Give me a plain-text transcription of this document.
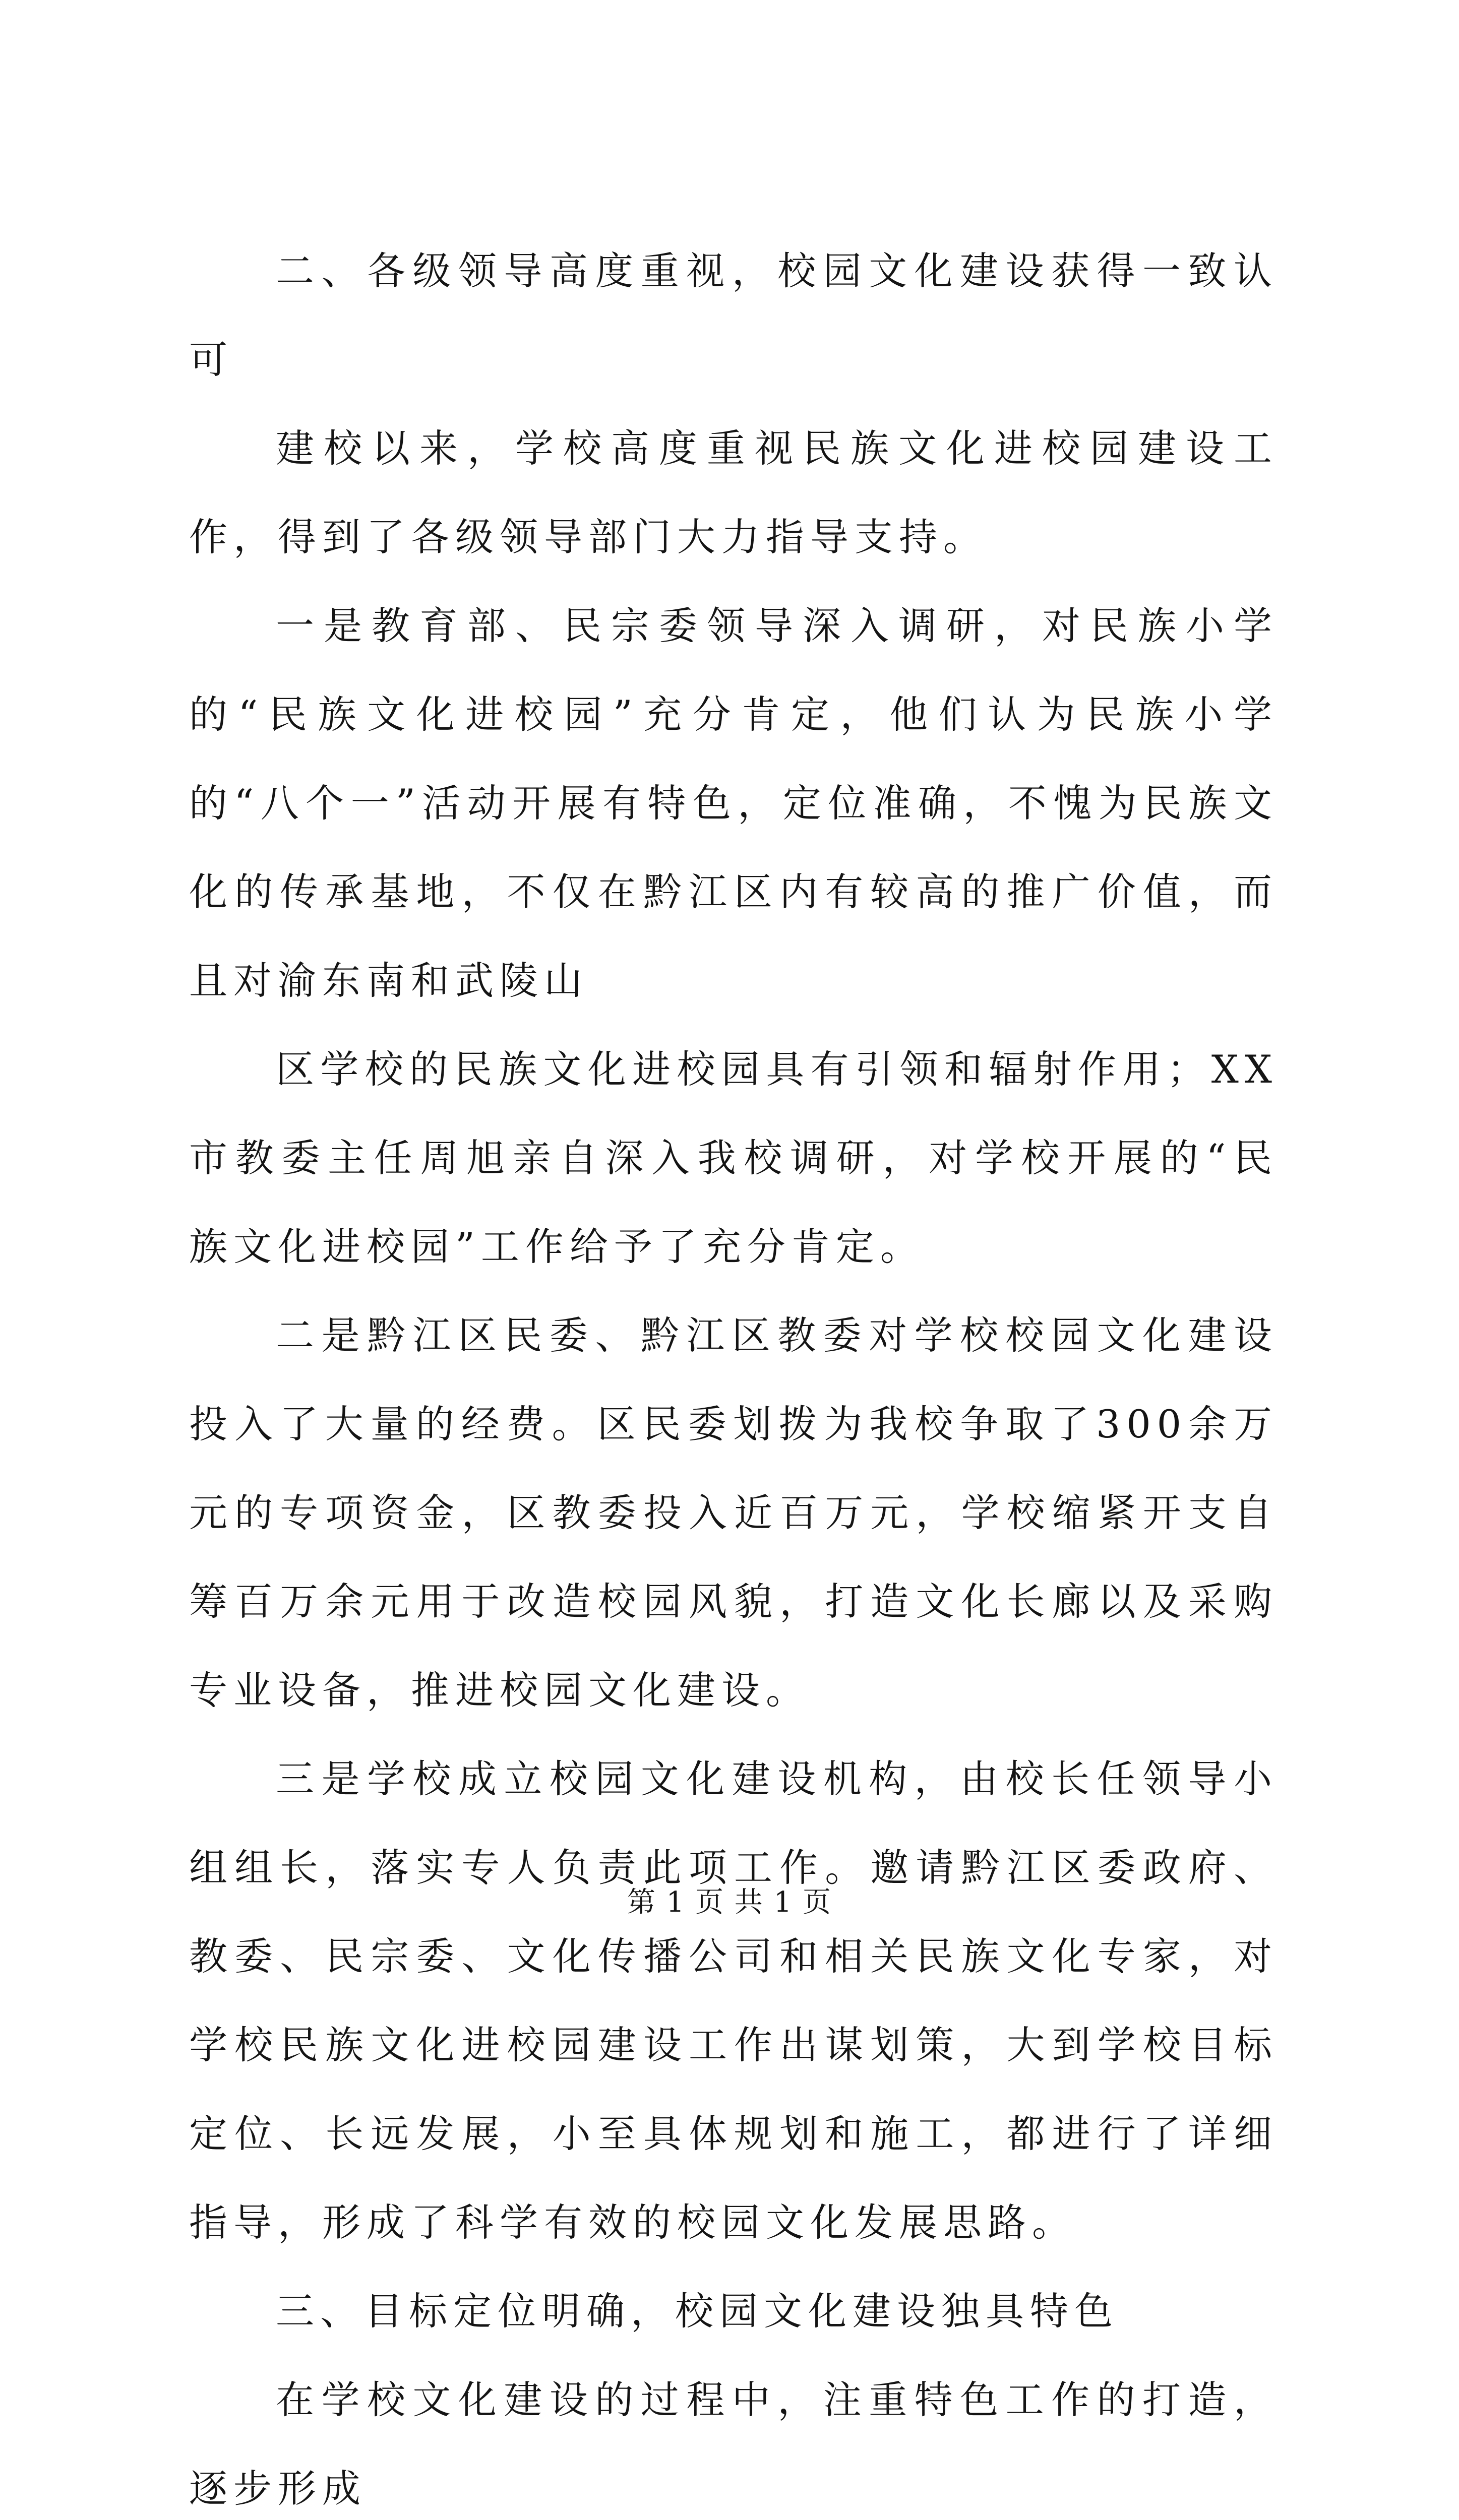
二、各级领导高度重视，校园文化建设获得一致认可

建校以来，学校高度重视民族文化进校园建设工作，得到了各级领导部门大力指导支持。

一是教育部、民宗委领导深入调研，对民族小学的“民族文化进校园”充分肯定，他们认为民族小学的“八个一”活动开展有特色，定位准确，不愧为民族文化的传承基地，不仅在黔江区内有较高的推广价值，而且对渝东南和武陵山

区学校的民族文化进校园具有引领和辐射作用；XX市教委主任周旭亲自深入我校调研，对学校开展的“民族文化进校园”工作给予了充分肯定。

二是黔江区民委、黔江区教委对学校校园文化建设投入了大量的经费。区民委划拨为我校争取了300余万元的专项资金，区教委投入近百万元，学校缩紧开支自筹百万余元用于改造校园风貌，打造文化长廊以及采购专业设备，推进校园文化建设。

三是学校成立校园文化建设机构，由校长任领导小组组长，落实专人负责此项工作。邀请黔江区委政府、教委、民宗委、文化传播公司和相关民族文化专家，对学校民族文化进校园建设工作出谋划策，大到学校目标定位、长远发展，小至具体规划和施工，都进行了详细指导，形成了科学有效的校园文化发展思路。

三、目标定位明确，校园文化建设独具特色

在学校文化建设的过程中，注重特色工作的打造，逐步形成

第 1 页 共 1 页
